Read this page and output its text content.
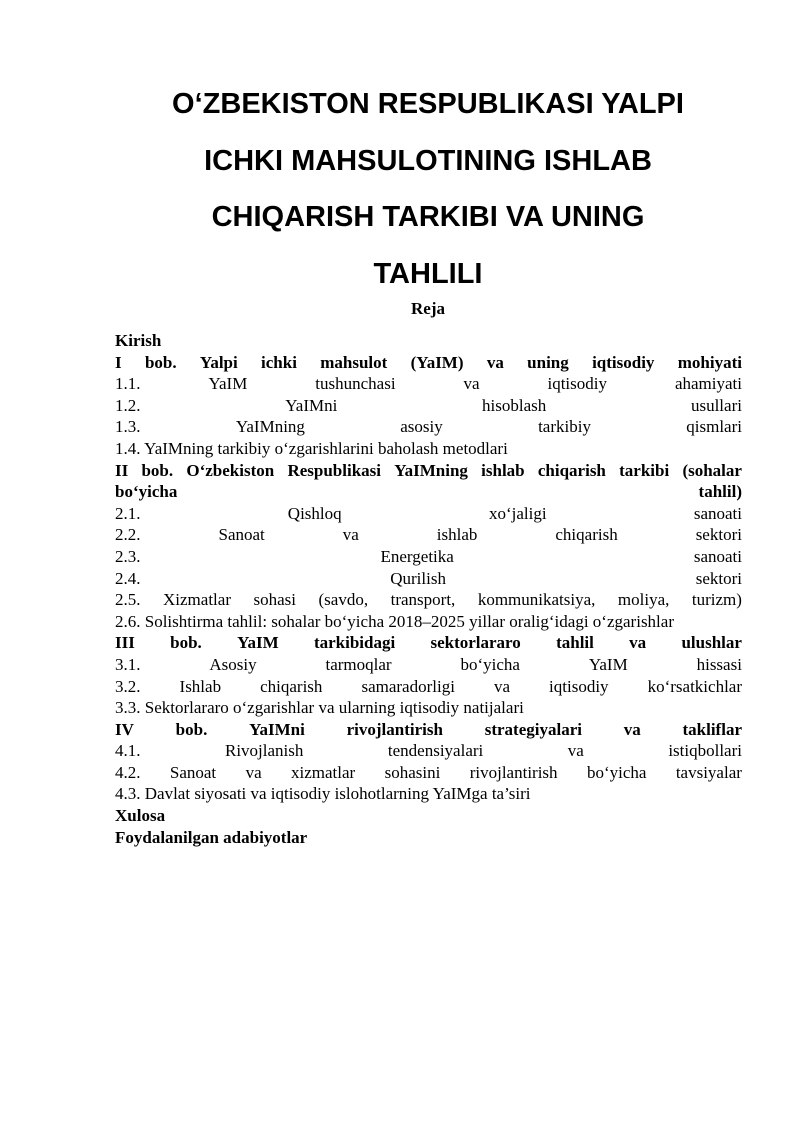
O‘ZBEKISTON RESPUBLIKASI YALPI
ICHKI MAHSULOTINING ISHLAB
CHIQARISH TARKIBI VA UNING
TAHLILI
Reja
Kirish
I bob. Yalpi ichki mahsulot (YaIM) va uning iqtisodiy mohiyati
1.1.	YaIM	tushunchasi	va	iqtisodiy	ahamiyati
1.2.	YaIMni	hisoblash	usullari
1.3.	YaIMning	asosiy	tarkibiy	qismlari
1.4. YaIMning tarkibiy o‘zgarishlarini baholash metodlari
II bob. O‘zbekiston Respublikasi YaIMning ishlab chiqarish tarkibi (sohalar
bo‘yicha	tahlil)
2.1.	Qishloq	xo‘jaligi	sanoati
2.2.	Sanoat	va	ishlab	chiqarish	sektori
2.3.	Energetika	sanoati
2.4.	Qurilish	sektori
2.5. Xizmatlar sohasi (savdo, transport, kommunikatsiya, moliya, turizm)
2.6. Solishtirma tahlil: sohalar bo‘yicha 2018–2025 yillar oralig‘idagi o‘zgarishlar
III bob. YaIM tarkibidagi sektorlararo tahlil va ulushlar
3.1.	Asosiy	tarmoqlar	bo‘yicha	YaIM	hissasi
3.2. Ishlab chiqarish samaradorligi va iqtisodiy ko‘rsatkichlar
3.3. Sektorlararo o‘zgarishlar va ularning iqtisodiy natijalari
IV bob. YaIMni rivojlantirish strategiyalari va takliflar
4.1.	Rivojlanish	tendensiyalari	va	istiqbollari
4.2. Sanoat va xizmatlar sohasini rivojlantirish bo‘yicha tavsiyalar
4.3. Davlat siyosati va iqtisodiy islohotlarning YaIMga ta’siri
Xulosa
Foydalanilgan adabiyotlar
